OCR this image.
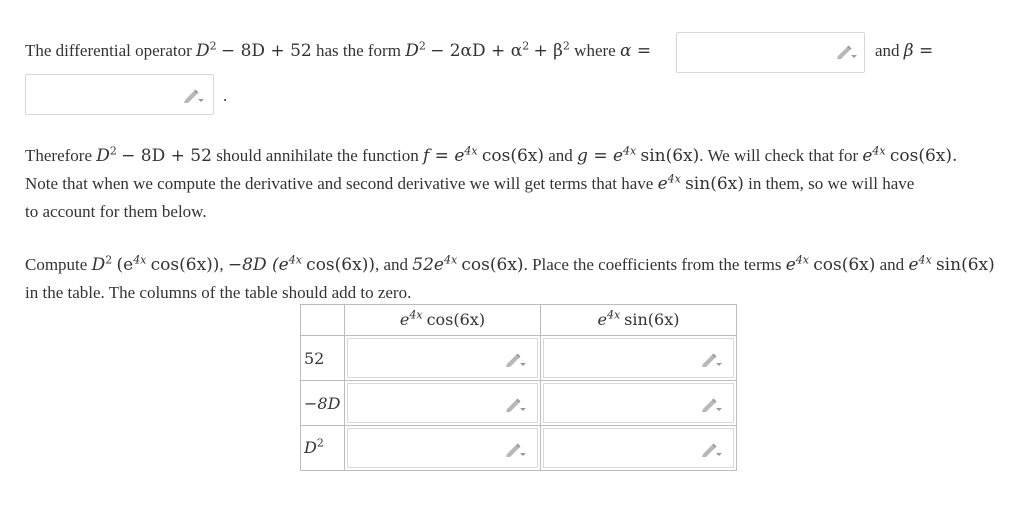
The differential operator $D^2 - 8D + 52$ has the form $D^2 - 2\alpha D + \alpha^2 + \beta^2$ where α =	and β =
.
Therefore $D^2 - 8D + 52$ should annihilate the function $f = e^{4x}$ cos(6x) and $g = e^{4x}$ sin(6x). We will check that for $e^{4x}$ cos(6x).
Note that when we compute the derivative and second derivative we will get terms that have $e^{4x}$ sin(6x) in them, so we will have
to account for them below.
Compute $D^2$ ($e^{4x}$ cos(6x)), −8D ($e^{4x}$ cos(6x)), and $52e^{4x}$ cos(6x). Place the coefficients from the terms $e^{4x}$ cos(6x) and $e^{4x}$ sin(6x)
in the table. The columns of the table should add to zero.
	$e^{4x}$ cos(6x)	$e^{4x}$ sin(6x)
52	

−8D	

$D^2$	
